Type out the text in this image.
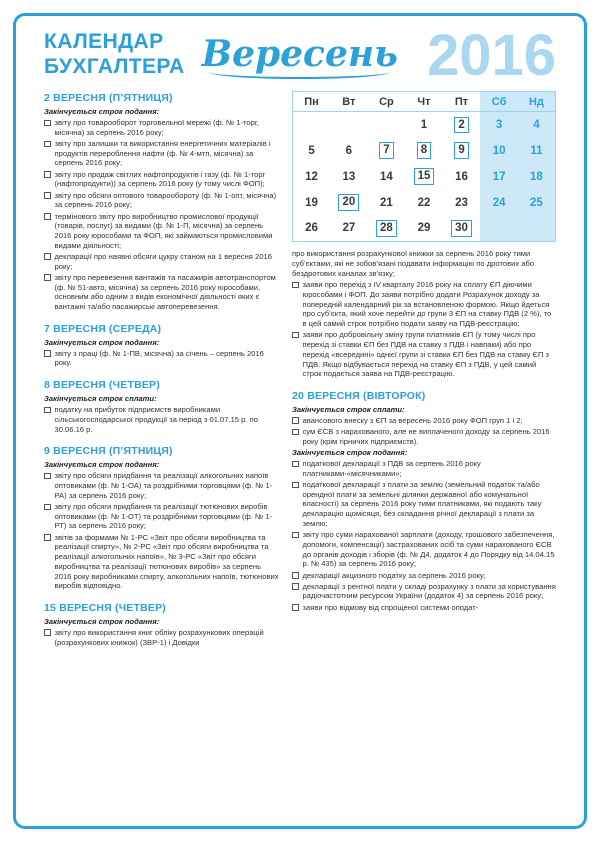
КАЛЕНДАР
БУХГАЛТЕРА Вересень 2016
2 ВЕРЕСНЯ (П’ЯТНИЦЯ)
Закінчується строк подання:
звіту про товарооборот торговельної мережі (ф. № 1-торг, місячна) за серпень 2016 року;
звіту про залишки та використання енергетичних матеріалів і продуктів перероблення нафти (ф. № 4-мтп, місячна) за серпень 2016 року;
звіту про продаж світлих нафтопродуктів і газу (ф. № 1-торг (нафтопродукти)) за серпень 2016 року (у тому числі ФОП);
звіту про обсяги оптового товарообороту (ф. № 1-опт, місячна) за серпень 2016 року;
термінового звіту про виробництво промислової продукції (товарів, послуг) за видами (ф. № 1-П, місячна) за серпень 2016 року юрособами та ФОП, які займаються промисловими видами діяльності;
декларації про наявні обсяги цукру станом на 1 вересня 2016 року;
звіту про перевезення вантажів та пасажирів автотранспортом (ф. № 51-авто, місячна) за серпень 2016 року юрособами, основним або одним з видів економічної діяльності яких є вантажні та/або пасажирські автоперевезення.
7 ВЕРЕСНЯ (СЕРЕДА)
Закінчується строк подання:
звіту з праці (ф. № 1-ПВ, місячна) за січень – серпень 2016 року.
8 ВЕРЕСНЯ (ЧЕТВЕР)
Закінчується строк сплати:
податку на прибуток підприємств виробниками сільськогосподарської продукції за період з 01.07.15 р. по 30.06.16 р.
9 ВЕРЕСНЯ (П’ЯТНИЦЯ)
Закінчується строк подання:
звіту про обсяги придбання та реалізації алкогольних напоїв оптовиками (ф. № 1-ОА) та роздрібними торговцями (ф. № 1-РА) за серпень 2016 року;
звіту про обсяги придбання та реалізації тютюнових виробів оптовиками (ф. № 1-ОТ) та роздрібними торговцями (ф. № 1-РТ) за серпень 2016 року;
звітів за формами № 1-РС «Звіт про обсяги виробництва та реалізації спирту», № 2-РС «Звіт про обсяги виробництва та реалізації алкогольних напоїв», № 3-РС «Звіт про обсяги виробництва та реалізації тютюнових виробів» за серпень 2016 року виробниками спирту, алкогольних напоїв, тютюнових виробів відповідно.
15 ВЕРЕСНЯ (ЧЕТВЕР)
Закінчується строк подання:
звіту про використання книг обліку розрахункових операцій (розрахункових книжок) (ЗВР-1) і Довідки
Пн	Вт	Ср	Чт	Пт	Сб	Нд
			1	2	3	4
5	6	7	8	9	10	11
12	13	14	15	16	17	18
19	20	21	22	23	24	25
26	27	28	29	30		
про використання розрахункової книжки за серпень 2016 року тими суб’єктами, які не зобов’язані подавати інформацію по дротових або бездротових каналах зв’язку;
заяви про перехід з IV кварталу 2016 року на сплату ЄП діючими юрособами і ФОП. До заяви потрібно додати Розрахунок доходу за попередній календарний рік за встановленою формою. Якщо йдеться про суб’єкта, який хоче перейти до групи 3 ЄП на ставку ПДВ (2 %), то в цей самий строк потрібно подати заяву на ПДВ-реєстрацію;
заяви про добровільну зміну групи платників ЄП (у тому числі про перехід зі ставки ЄП без ПДВ на ставку з ПДВ і навпаки) або про перехід «всередині» однієї групи зі ставки ЄП без ПДВ на ставку ЄП з ПДВ. Якщо відбувається перехід на ставку ЄП з ПДВ, у цей самий строк подається заява на ПДВ-реєстрацію.
20 ВЕРЕСНЯ (ВІВТОРОК)
Закінчується строк сплати:
авансового внеску з ЄП за вересень 2016 року ФОП груп 1 і 2;
сум ЄСВ з нарахованого, але не виплаченого доходу за серпень 2016 року (крім гірничих підприємств).
Закінчується строк подання:
податкової декларації з ПДВ за серпень 2016 року платниками-«місячниками»;
податкової декларації з плати за землю (земельний податок та/або орендної плати за земельні ділянки державної або комунальної власності) за серпень 2016 року тими платниками, які подають таку декларацію щомісяця, без складання річної декларації з плати за землю;
звіту про суми нарахованої зарплати (доходу, грошового забезпечення, допомоги, компенсації) застрахованих осіб та суми нарахованого ЄСВ до органів доходів і зборів (ф. № Д4, додаток 4 до Порядку від 14.04.15 р. № 435) за серпень 2016 року;
декларації акцизного податку за серпень 2016 року;
декларації з рентної плати у складі розрахунку з плати за користування радіочастотним ресурсом України (додаток 4) за серпень 2016 року;
заяви про відмову від спрощеної системи оподат-
